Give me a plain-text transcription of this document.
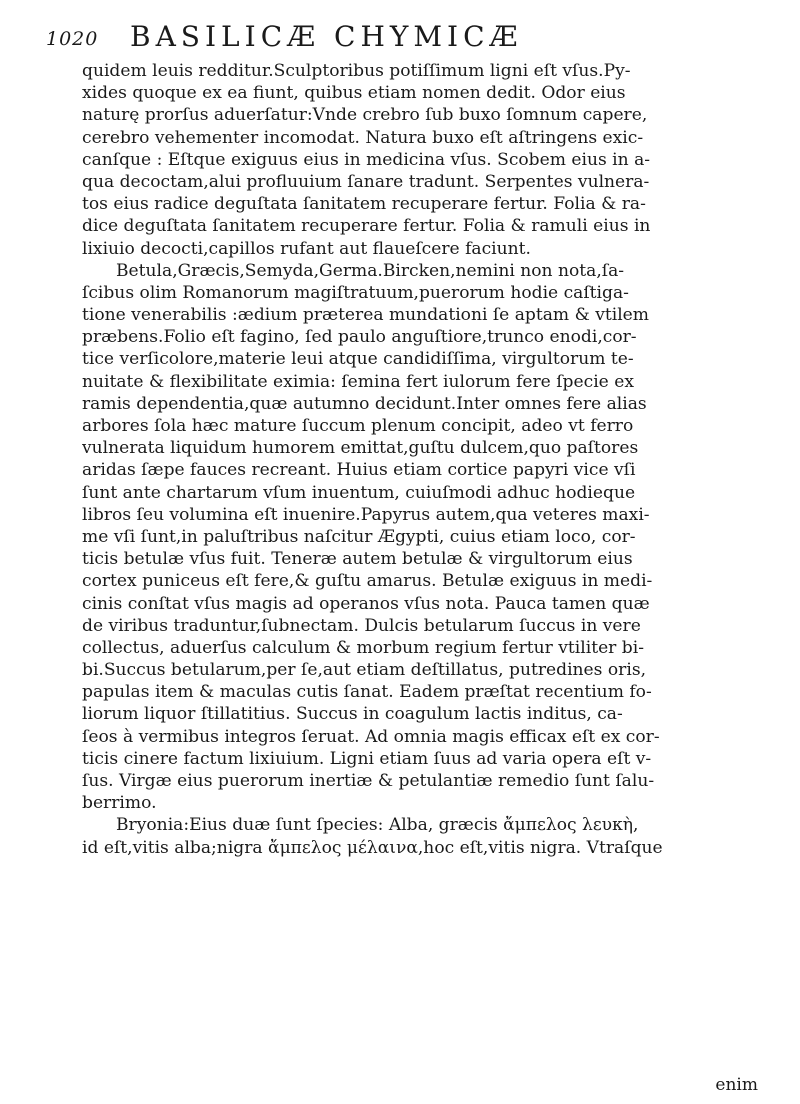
1020 BASILICÆ CHYMICÆ
quidem leuis redditur.Sculptoribus potiſſimum ligni eſt vſus.Py-
xides quoque ex ea fiunt, quibus etiam nomen dedit. Odor eius
naturę prorſus aduerſatur:Vnde crebro ſub buxo ſomnum capere,
cerebro vehementer incomodat. Natura buxo eſt aſtringens exic-
canſque : Eſtque exiguus eius in medicina vſus. Scobem eius in a-
qua decoctam,alui profluuium ſanare tradunt. Serpentes vulnera-
tos eius radice deguſtata ſanitatem recuperare fertur. Folia & ra-
dice deguſtata ſanitatem recuperare fertur. Folia & ramuli eius in
lixiuio decocti,capillos rufant aut flaueſcere faciunt.
Betula,Græcis,Semyda,Germa.Bircken,nemini non nota,ſa-
ſcibus olim Romanorum magiſtratuum,puerorum hodie caſtiga-
tione venerabilis :ædium præterea mundationi ſe aptam & vtilem
præbens.Folio eſt fagino, ſed paulo anguſtiore,trunco enodi,cor-
tice verſicolore,materie leui atque candidiſſima, virgultorum te-
nuitate & flexibilitate eximia: ſemina fert iulorum fere ſpecie ex
ramis dependentia,quæ autumno decidunt.Inter omnes fere alias
arbores ſola hæc mature ſuccum plenum concipit, adeo vt ferro
vulnerata liquidum humorem emittat,guſtu dulcem,quo paſtores
aridas ſæpe fauces recreant. Huius etiam cortice papyri vice vſi
ſunt ante chartarum vſum inuentum, cuiuſmodi adhuc hodieque
libros ſeu volumina eſt inuenire.Papyrus autem,qua veteres maxi-
me vſi ſunt,in paluſtribus naſcitur Ægypti, cuius etiam loco, cor-
ticis betulæ vſus fuit. Teneræ autem betulæ & virgultorum eius
cortex puniceus eſt fere,& guſtu amarus. Betulæ exiguus in medi-
cinis conſtat vſus magis ad operanos vſus nota. Pauca tamen quæ
de viribus traduntur,ſubnectam. Dulcis betularum ſuccus in vere
collectus, aduerſus calculum & morbum regium fertur vtiliter bi-
bi.Succus betularum,per ſe,aut etiam deſtillatus, putredines oris,
papulas item & maculas cutis ſanat. Eadem præſtat recentium fo-
liorum liquor ſtillatitius. Succus in coagulum lactis inditus, ca-
ſeos à vermibus integros ſeruat. Ad omnia magis efficax eſt ex cor-
ticis cinere factum lixiuium. Ligni etiam ſuus ad varia opera eſt v-
ſus. Virgæ eius puerorum inertiæ & petulantiæ remedio ſunt ſalu-
berrimo.
Bryonia:Eius duæ ſunt ſpecies: Alba, græcis ἄμπελος λευκὴ,
id eſt,vitis alba;nigra ἄμπελος μέλαινα,hoc eſt,vitis nigra. Vtraſque
enim
